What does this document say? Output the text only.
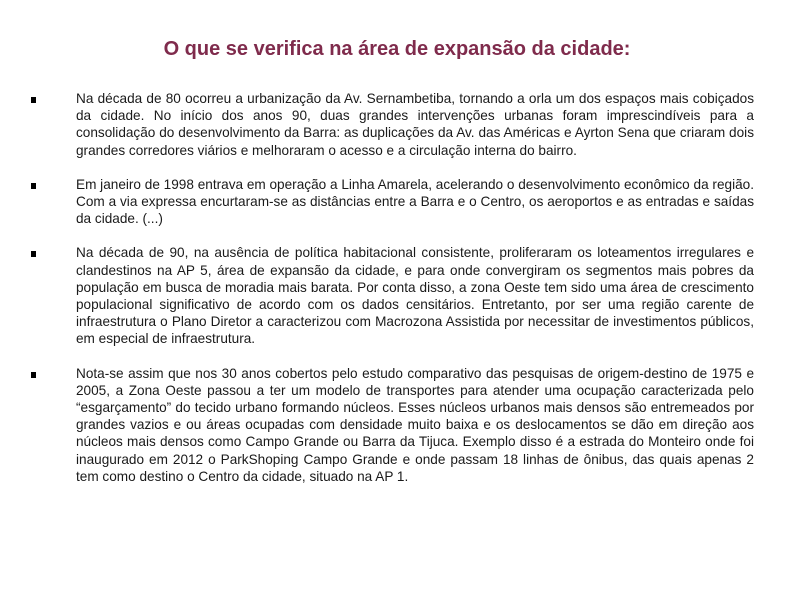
O que se verifica na área de expansão da cidade:
Na década de 80 ocorreu a urbanização da Av. Sernambetiba, tornando a orla um dos espaços mais cobiçados da cidade. No início dos anos 90, duas grandes intervenções urbanas foram imprescindíveis para a consolidação do desenvolvimento da Barra: as duplicações da Av. das Américas e Ayrton Sena que criaram dois grandes corredores viários e melhoraram o acesso e a circulação interna do bairro.
Em janeiro de 1998 entrava em operação a Linha Amarela, acelerando o desenvolvimento econômico da região. Com a via expressa encurtaram-se as distâncias entre a Barra e o Centro, os aeroportos e as entradas e saídas da cidade. (...)
Na década de 90, na ausência de política habitacional consistente, proliferaram os loteamentos irregulares e clandestinos na AP 5, área de expansão da cidade, e para onde convergiram os segmentos mais pobres da população em busca de moradia mais barata. Por conta disso, a zona Oeste tem sido uma área de crescimento populacional significativo de acordo com os dados censitários. Entretanto, por ser uma região carente de infraestrutura o Plano Diretor a caracterizou com Macrozona Assistida por necessitar de investimentos públicos, em especial de infraestrutura.
Nota-se assim que nos 30 anos cobertos pelo estudo comparativo das pesquisas de origem-destino de 1975 e 2005, a Zona Oeste passou a ter um modelo de transportes para atender uma ocupação caracterizada pelo “esgarçamento” do tecido urbano formando núcleos. Esses núcleos urbanos mais densos são entremeados por grandes vazios e ou áreas ocupadas com densidade muito baixa e os deslocamentos se dão em direção aos núcleos mais densos como Campo Grande ou Barra da Tijuca. Exemplo disso é a estrada do Monteiro onde foi inaugurado em 2012 o ParkShoping Campo Grande e onde passam 18 linhas de ônibus, das quais apenas 2 tem como destino o Centro da cidade, situado na AP 1.
